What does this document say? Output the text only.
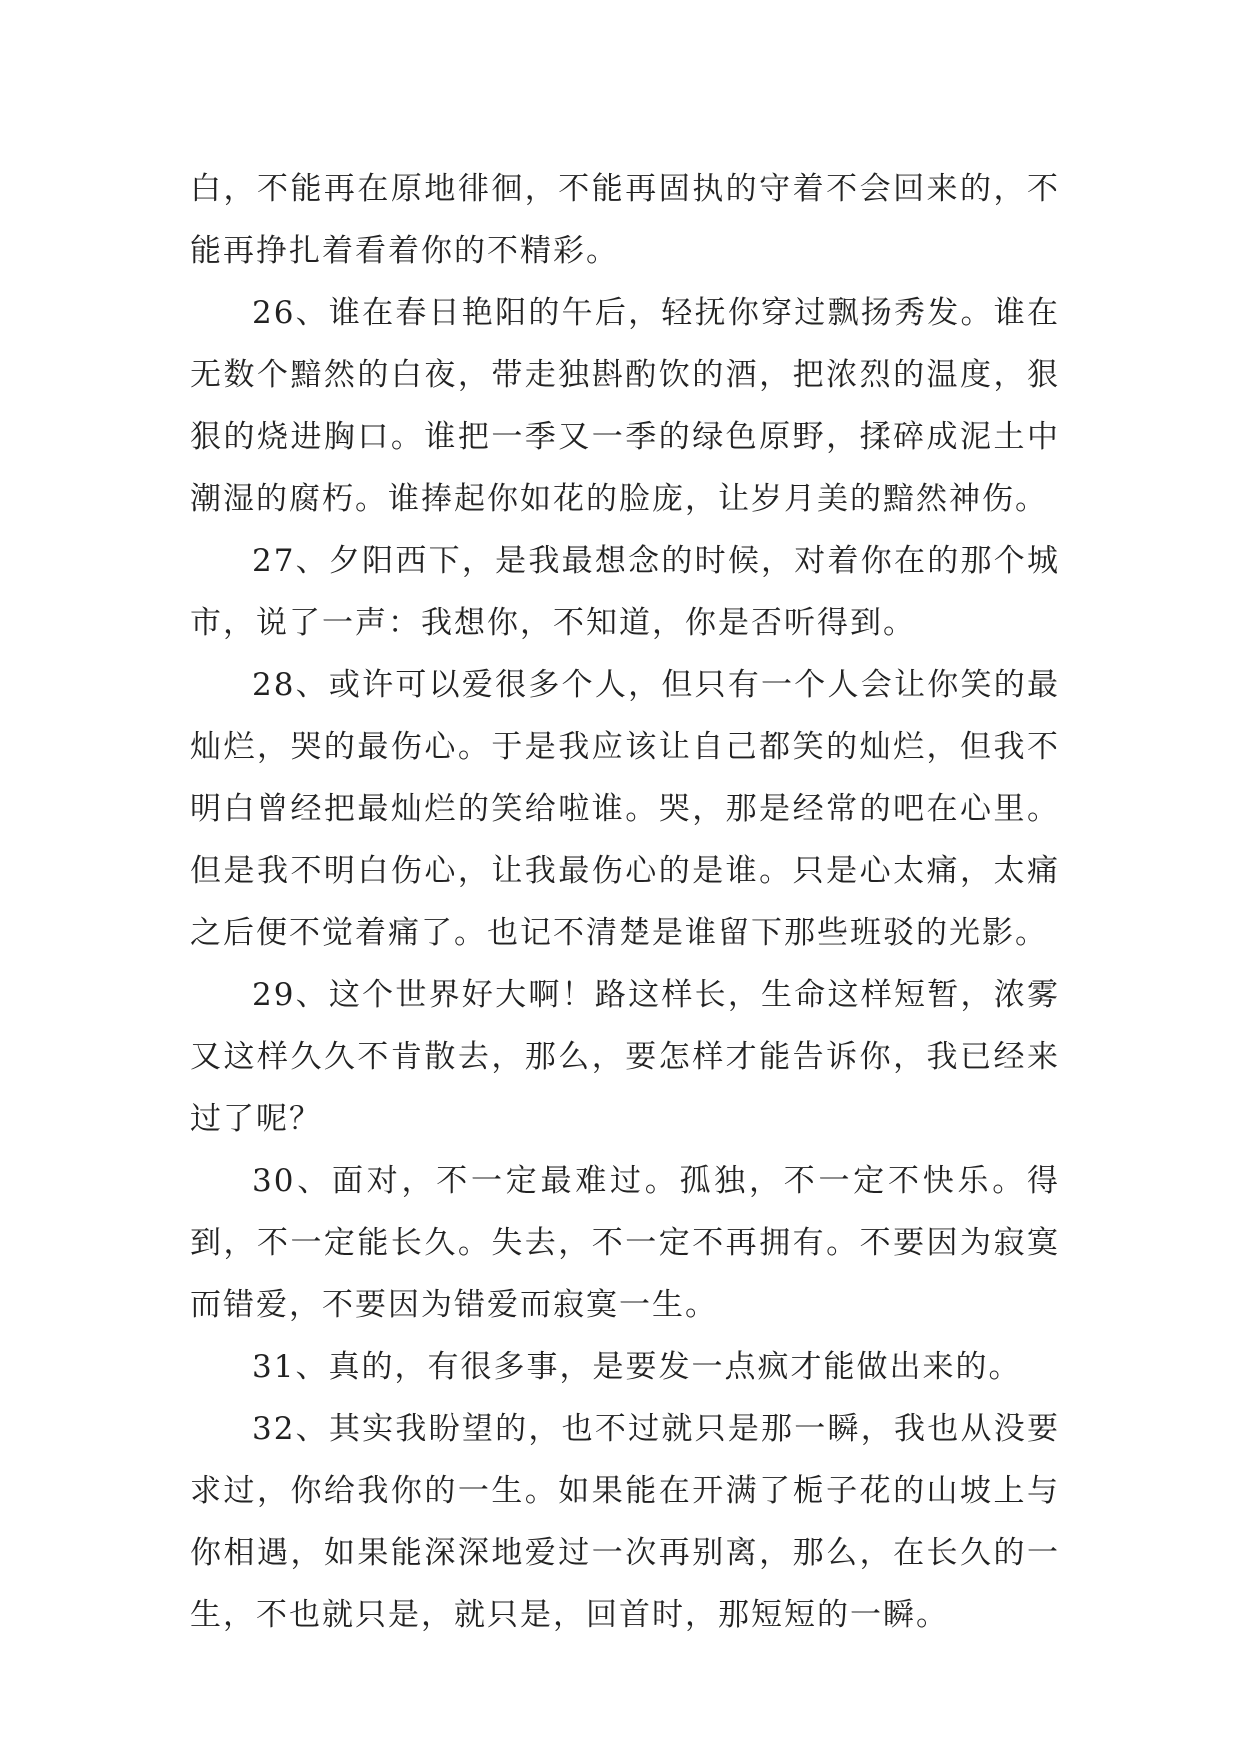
白，不能再在原地徘徊，不能再固执的守着不会回来的，不能再挣扎着看着你的不精彩。

26、谁在春日艳阳的午后，轻抚你穿过飘扬秀发。谁在无数个黯然的白夜，带走独斟酌饮的酒，把浓烈的温度，狠狠的烧进胸口。谁把一季又一季的绿色原野，揉碎成泥土中潮湿的腐朽。谁捧起你如花的脸庞，让岁月美的黯然神伤。

27、夕阳西下，是我最想念的时候，对着你在的那个城市，说了一声：我想你，不知道，你是否听得到。

28、或许可以爱很多个人，但只有一个人会让你笑的最灿烂，哭的最伤心。于是我应该让自己都笑的灿烂，但我不明白曾经把最灿烂的笑给啦谁。哭，那是经常的吧在心里。但是我不明白伤心，让我最伤心的是谁。只是心太痛，太痛之后便不觉着痛了。也记不清楚是谁留下那些班驳的光影。

29、这个世界好大啊！路这样长，生命这样短暂，浓雾又这样久久不肯散去，那么，要怎样才能告诉你，我已经来过了呢？

30、面对，不一定最难过。孤独，不一定不快乐。得到，不一定能长久。失去，不一定不再拥有。不要因为寂寞而错爱，不要因为错爱而寂寞一生。

31、真的，有很多事，是要发一点疯才能做出来的。

32、其实我盼望的，也不过就只是那一瞬，我也从没要求过，你给我你的一生。如果能在开满了栀子花的山坡上与你相遇，如果能深深地爱过一次再别离，那么，在长久的一生，不也就只是，就只是，回首时，那短短的一瞬。
